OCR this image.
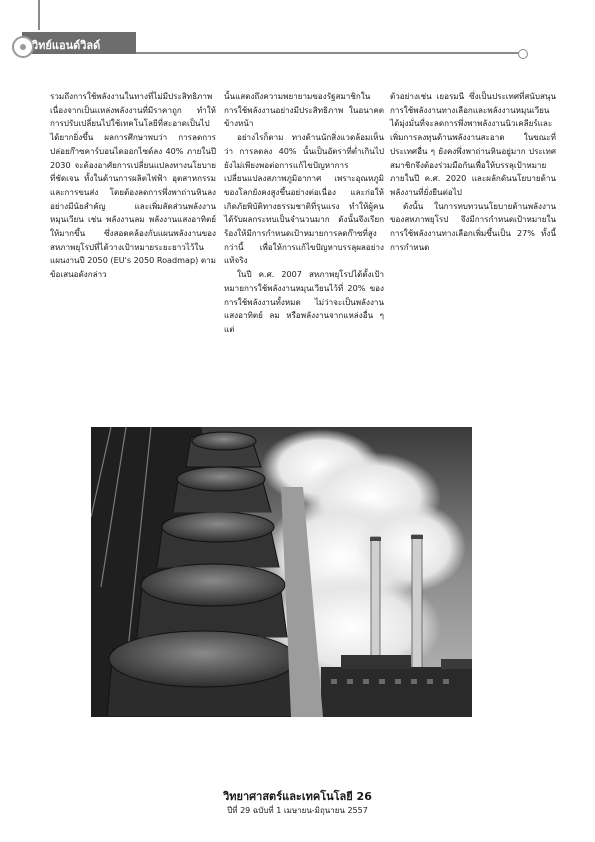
วิทย์แอนด์วิลด์

รวมถึงการใช้พลังงานในทางที่ไม่มีประสิทธิภาพ เนื่องจากเป็นแหล่งพลังงานที่มีราคาถูก ทำให้การปรับเปลี่ยนไปใช้เทคโนโลยีที่สะอาดเป็นไปได้ยากยิ่งขึ้น ผลการศึกษาพบว่า การลดการปล่อยก๊าซคาร์บอนไดออกไซด์ลง 40% ภายในปี 2030 จะต้องอาศัยการเปลี่ยนแปลงทางนโยบายที่ชัดเจน ทั้งในด้านการผลิตไฟฟ้า อุตสาหกรรม และการขนส่ง โดยต้องลดการพึ่งพาถ่านหินลงอย่างมีนัยสำคัญ และเพิ่มสัดส่วนพลังงานหมุนเวียน เช่น พลังงานลม พลังงานแสงอาทิตย์ ให้มากขึ้น ซึ่งสอดคล้องกับแผนพลังงานของสหภาพยุโรปที่ได้วางเป้าหมายระยะยาวไว้ในแผนงานปี 2050 (EU's 2050 Roadmap) ตามข้อเสนอดังกล่าว

นั้นแสดงถึงความพยายามของรัฐสมาชิกในการใช้พลังงานอย่างมีประสิทธิภาพ ในอนาคตข้างหน้า

อย่างไรก็ตาม ทางด้านนักสิ่งแวดล้อมเห็นว่า การลดลง 40% นั้นเป็นอัตราที่ต่ำเกินไป ยังไม่เพียงพอต่อการแก้ไขปัญหาการเปลี่ยนแปลงสภาพภูมิอากาศ เพราะอุณหภูมิของโลกยังคงสูงขึ้นอย่างต่อเนื่อง และก่อให้เกิดภัยพิบัติทางธรรมชาติที่รุนแรง ทำให้ผู้คนได้รับผลกระทบเป็นจำนวนมาก ดังนั้นจึงเรียกร้องให้มีการกำหนดเป้าหมายการลดก๊าซที่สูงกว่านี้ เพื่อให้การแก้ไขปัญหาบรรลุผลอย่างแท้จริง

ในปี ค.ศ. 2007 สหภาพยุโรปได้ตั้งเป้าหมายการใช้พลังงานหมุนเวียนไว้ที่ 20% ของการใช้พลังงานทั้งหมด ไม่ว่าจะเป็นพลังงานแสงอาทิตย์ ลม หรือพลังงานจากแหล่งอื่น ๆ แต่

ตัวอย่างเช่น เยอรมนี ซึ่งเป็นประเทศที่สนับสนุนการใช้พลังงานทางเลือกและพลังงานหมุนเวียน ได้มุ่งมั่นที่จะลดการพึ่งพาพลังงานนิวเคลียร์และเพิ่มการลงทุนด้านพลังงานสะอาด ในขณะที่ประเทศอื่น ๆ ยังคงพึ่งพาถ่านหินอยู่มาก ประเทศสมาชิกจึงต้องร่วมมือกันเพื่อให้บรรลุเป้าหมายภายในปี ค.ศ. 2020 และผลักดันนโยบายด้านพลังงานที่ยั่งยืนต่อไป

ดังนั้น ในการทบทวนนโยบายด้านพลังงานของสหภาพยุโรป จึงมีการกำหนดเป้าหมายในการใช้พลังงานทางเลือกเพิ่มขึ้นเป็น 27% ทั้งนี้ การกำหนด

วิทยาศาสตร์และเทคโนโลยี 26
ปีที่ 29 ฉบับที่ 1 เมษายน-มิถุนายน 2557
